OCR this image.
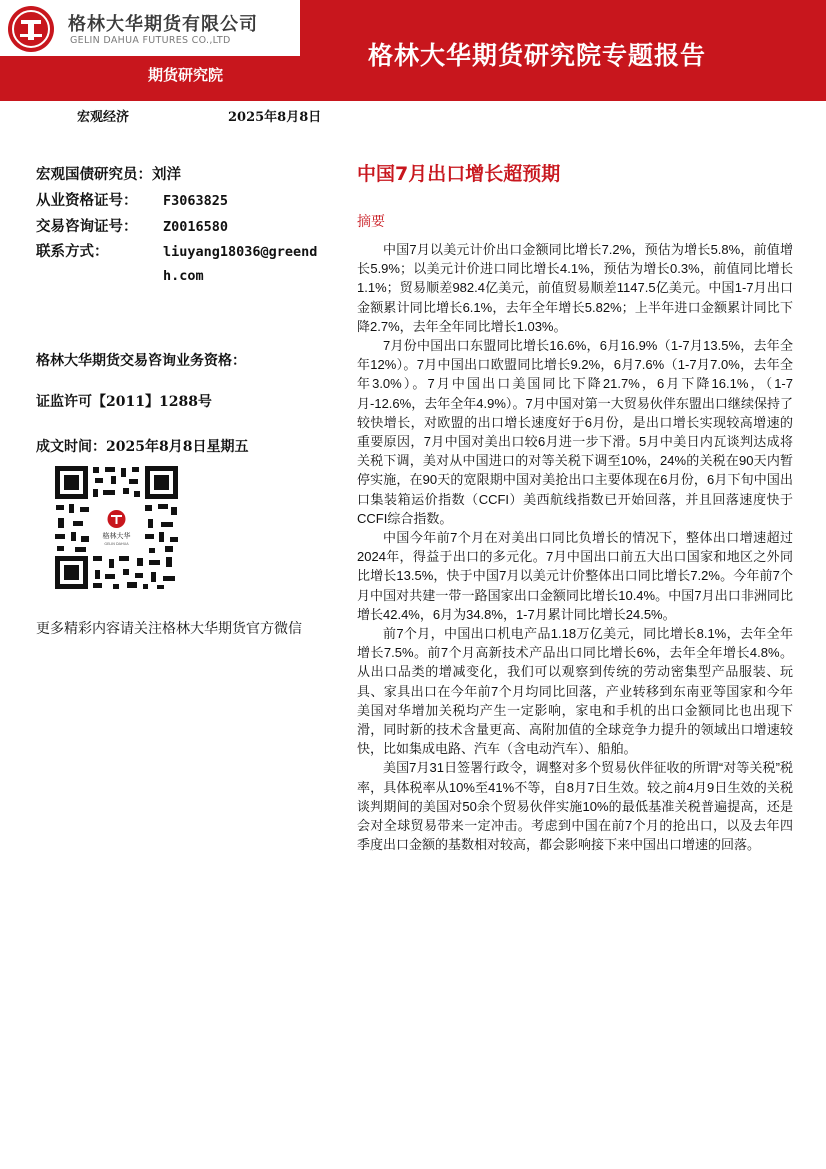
格林大华期货有限公司
GELIN DAHUA FUTURES CO.,LTD
格林大华期货研究院专题报告
期货研究院
宏观经济	2025年8月8日
宏观国债研究员：刘洋
从业资格证号： F3063825
交易咨询证号： Z0016580
联系方式：	liuyang18036@greendh.com
格林大华期货交易咨询业务资格：
证监许可【2011】1288号
成文时间：2025年8月8日星期五
格林大华
GELIN DAHUA
更多精彩内容请关注格林大华期货官方微信
中国7月出口增长超预期
摘要

中国7月以美元计价出口金额同比增长7.2%，预估为增长5.8%，前值增长5.9%；以美元计价进口同比增长4.1%，预估为增长0.3%，前值同比增长1.1%；贸易顺差982.4亿美元，前值贸易顺差1147.5亿美元。中国1-7月出口金额累计同比增长6.1%，去年全年增长5.82%；上半年进口金额累计同比下降2.7%，去年全年同比增长1.03%。

7月份中国出口东盟同比增长16.6%，6月16.9%（1-7月13.5%，去年全年12%）。7月中国出口欧盟同比增长9.2%，6月7.6%（1-7月7.0%，去年全年3.0%）。7月中国出口美国同比下降21.7%，6月下降16.1%，（1-7月-12.6%，去年全年4.9%）。7月中国对第一大贸易伙伴东盟出口继续保持了较快增长，对欧盟的出口增长速度好于6月份，是出口增长实现较高增速的重要原因，7月中国对美出口较6月进一步下滑。5月中美日内瓦谈判达成将关税下调，美对从中国进口的对等关税下调至10%，24%的关税在90天内暂停实施，在90天的宽限期中国对美抢出口主要体现在6月份，6月下旬中国出口集装箱运价指数（CCFI）美西航线指数已开始回落，并且回落速度快于CCFI综合指数。

中国今年前7个月在对美出口同比负增长的情况下，整体出口增速超过2024年，得益于出口的多元化。7月中国出口前五大出口国家和地区之外同比增长13.5%，快于中国7月以美元计价整体出口同比增长7.2%。今年前7个月中国对共建一带一路国家出口金额同比增长10.4%。中国7月出口非洲同比增长42.4%，6月为34.8%，1-7月累计同比增长24.5%。

前7个月，中国出口机电产品1.18万亿美元，同比增长8.1%，去年全年增长7.5%。前7个月高新技术产品出口同比增长6%，去年全年增长4.8%。从出口品类的增减变化，我们可以观察到传统的劳动密集型产品服装、玩具、家具出口在今年前7个月均同比回落，产业转移到东南亚等国家和今年美国对华增加关税均产生一定影响，家电和手机的出口金额同比也出现下滑，同时新的技术含量更高、高附加值的全球竞争力提升的领域出口增速较快，比如集成电路、汽车（含电动汽车）、船舶。

美国7月31日签署行政令，调整对多个贸易伙伴征收的所谓“对等关税”税率，具体税率从10%至41%不等，自8月7日生效。较之前4月9日生效的关税谈判期间的美国对50余个贸易伙伴实施10%的最低基准关税普遍提高，还是会对全球贸易带来一定冲击。考虑到中国在前7个月的抢出口，以及去年四季度出口金额的基数相对较高，都会影响接下来中国出口增速的回落。
